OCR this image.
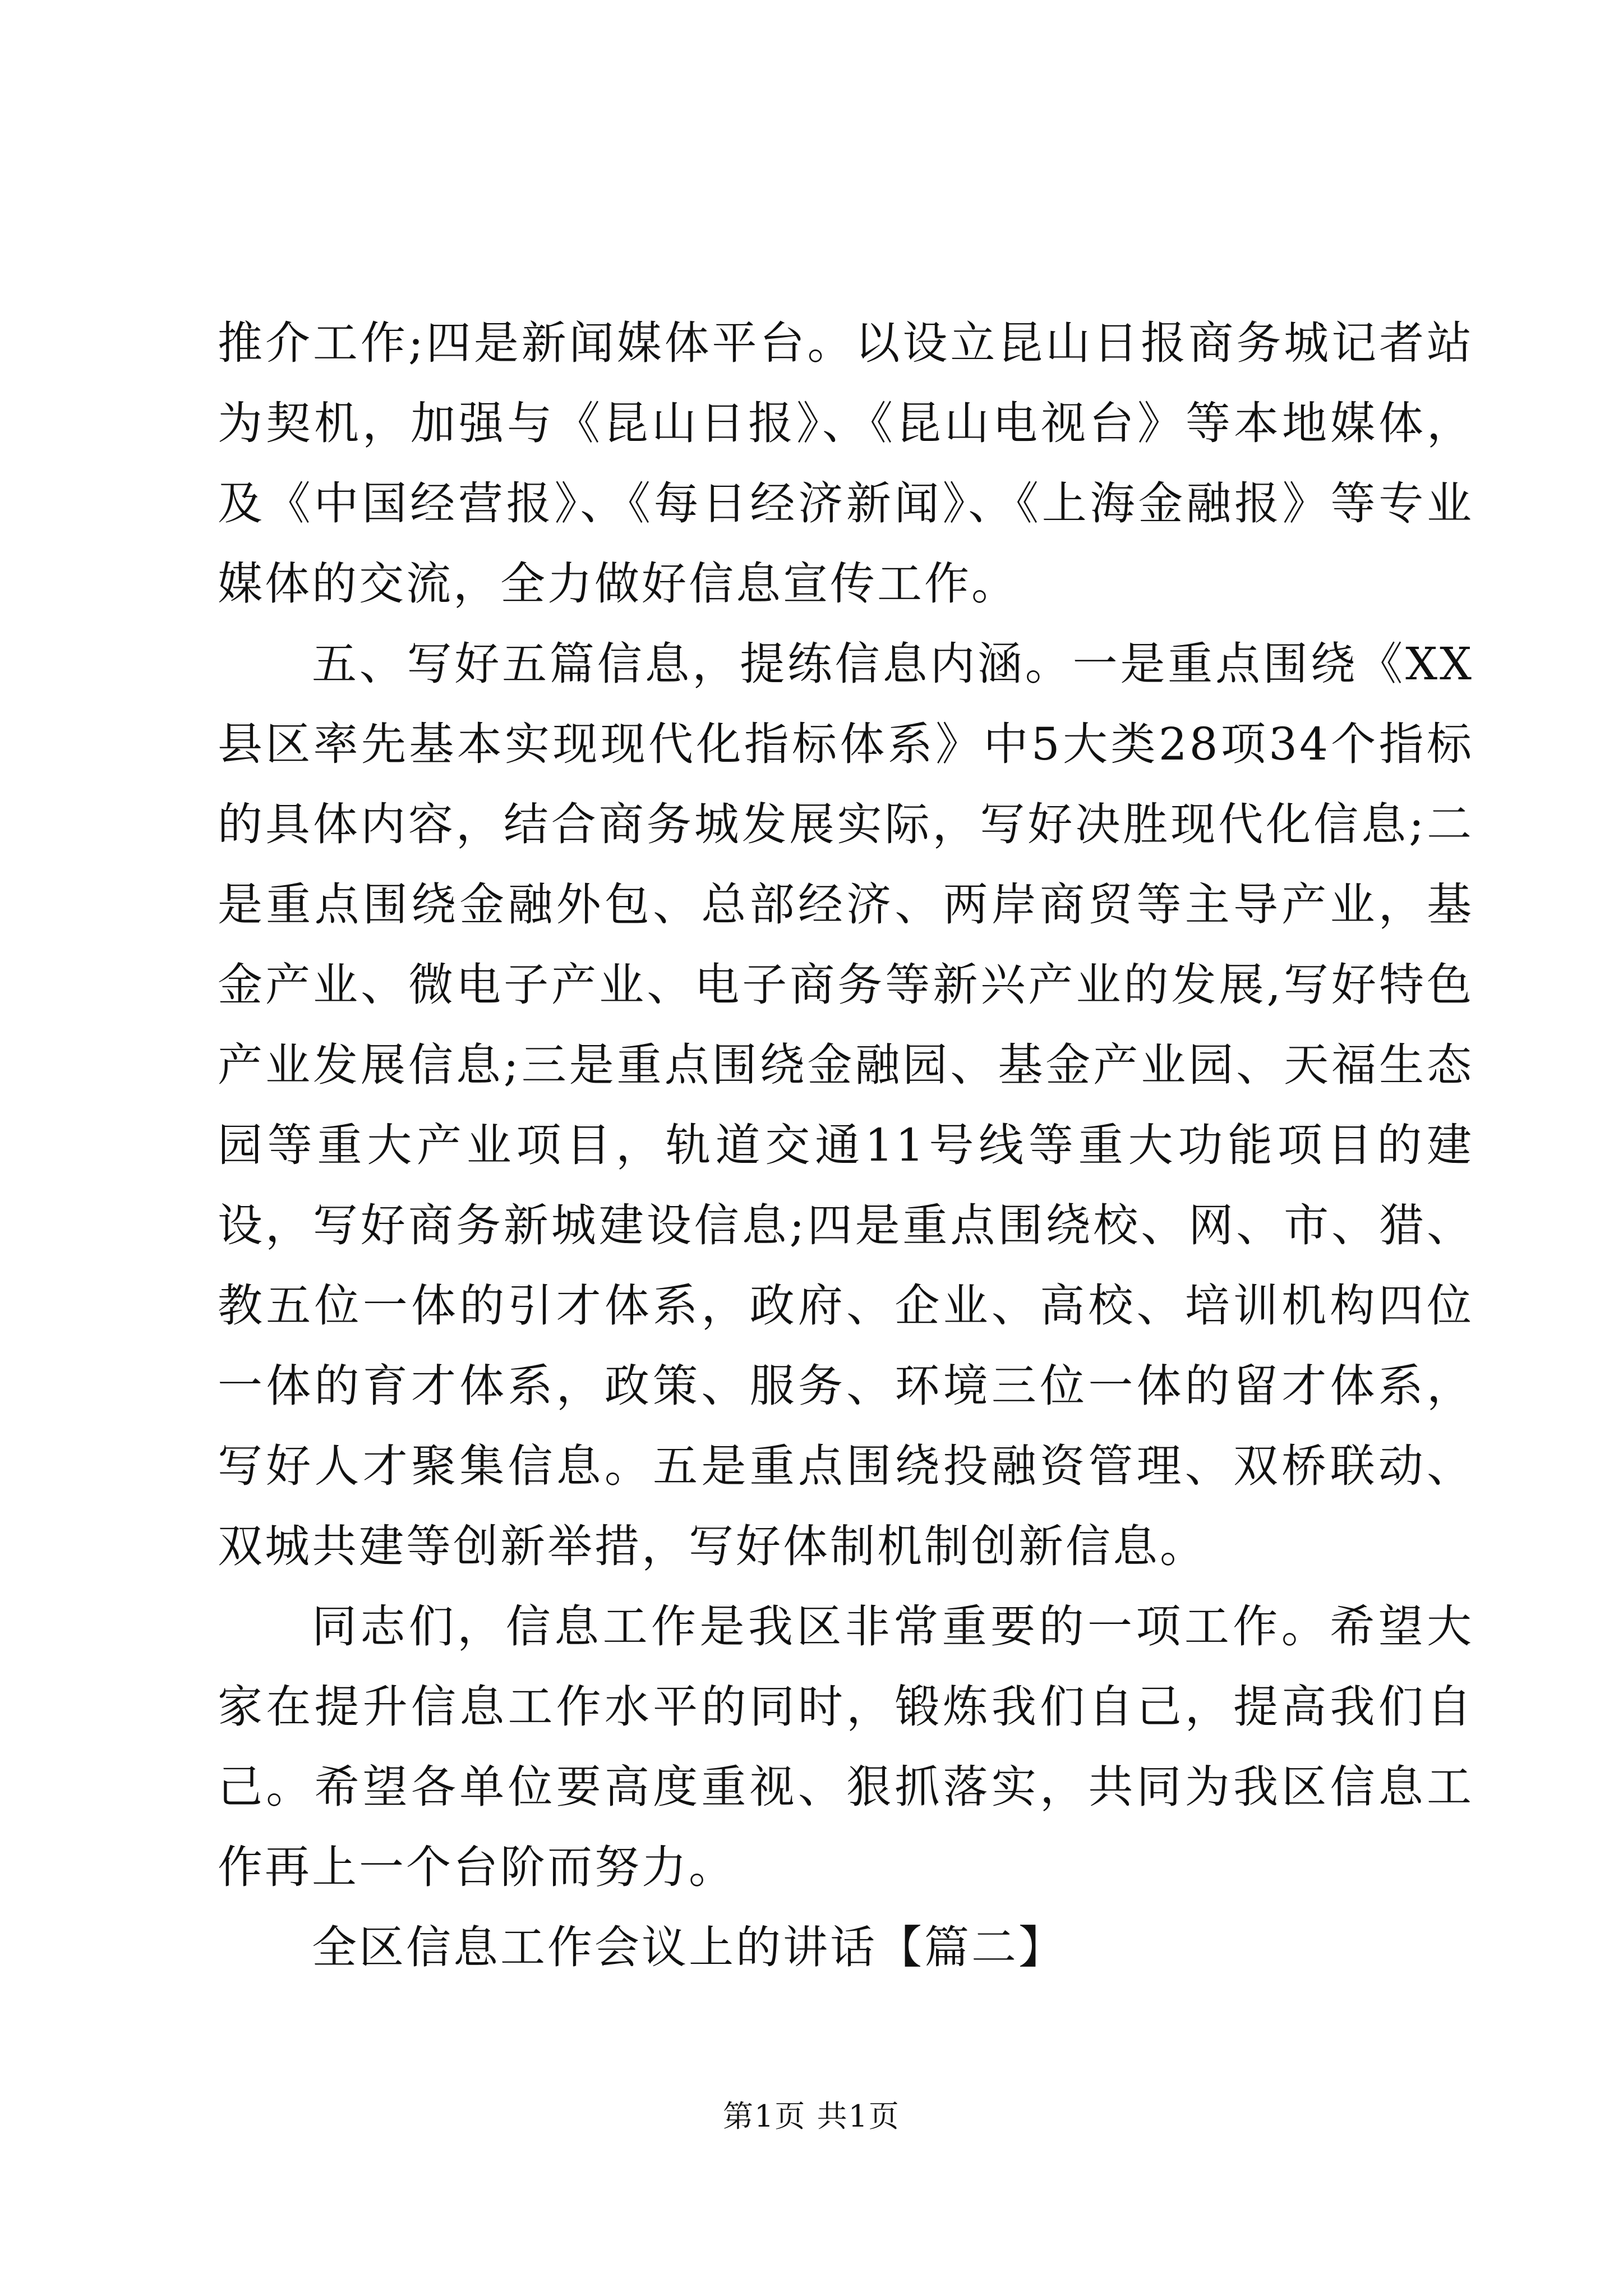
推介工作;四是新闻媒体平台。以设立昆山日报商务城记者站为契机，加强与《昆山日报》、《昆山电视台》等本地媒体，及《中国经营报》、《每日经济新闻》、《上海金融报》等专业媒体的交流，全力做好信息宣传工作。

五、写好五篇信息，提练信息内涵。一是重点围绕《XX县区率先基本实现现代化指标体系》中5大类28项34个指标的具体内容，结合商务城发展实际，写好决胜现代化信息;二是重点围绕金融外包、总部经济、两岸商贸等主导产业，基金产业、微电子产业、电子商务等新兴产业的发展,写好特色产业发展信息;三是重点围绕金融园、基金产业园、天福生态园等重大产业项目，轨道交通11号线等重大功能项目的建设，写好商务新城建设信息;四是重点围绕校、网、市、猎、教五位一体的引才体系，政府、企业、高校、培训机构四位一体的育才体系，政策、服务、环境三位一体的留才体系，写好人才聚集信息。五是重点围绕投融资管理、双桥联动、双城共建等创新举措，写好体制机制创新信息。

同志们，信息工作是我区非常重要的一项工作。希望大家在提升信息工作水平的同时，锻炼我们自己，提高我们自己。希望各单位要高度重视、狠抓落实，共同为我区信息工作再上一个台阶而努力。

全区信息工作会议上的讲话【篇二】

第1页 共1页
